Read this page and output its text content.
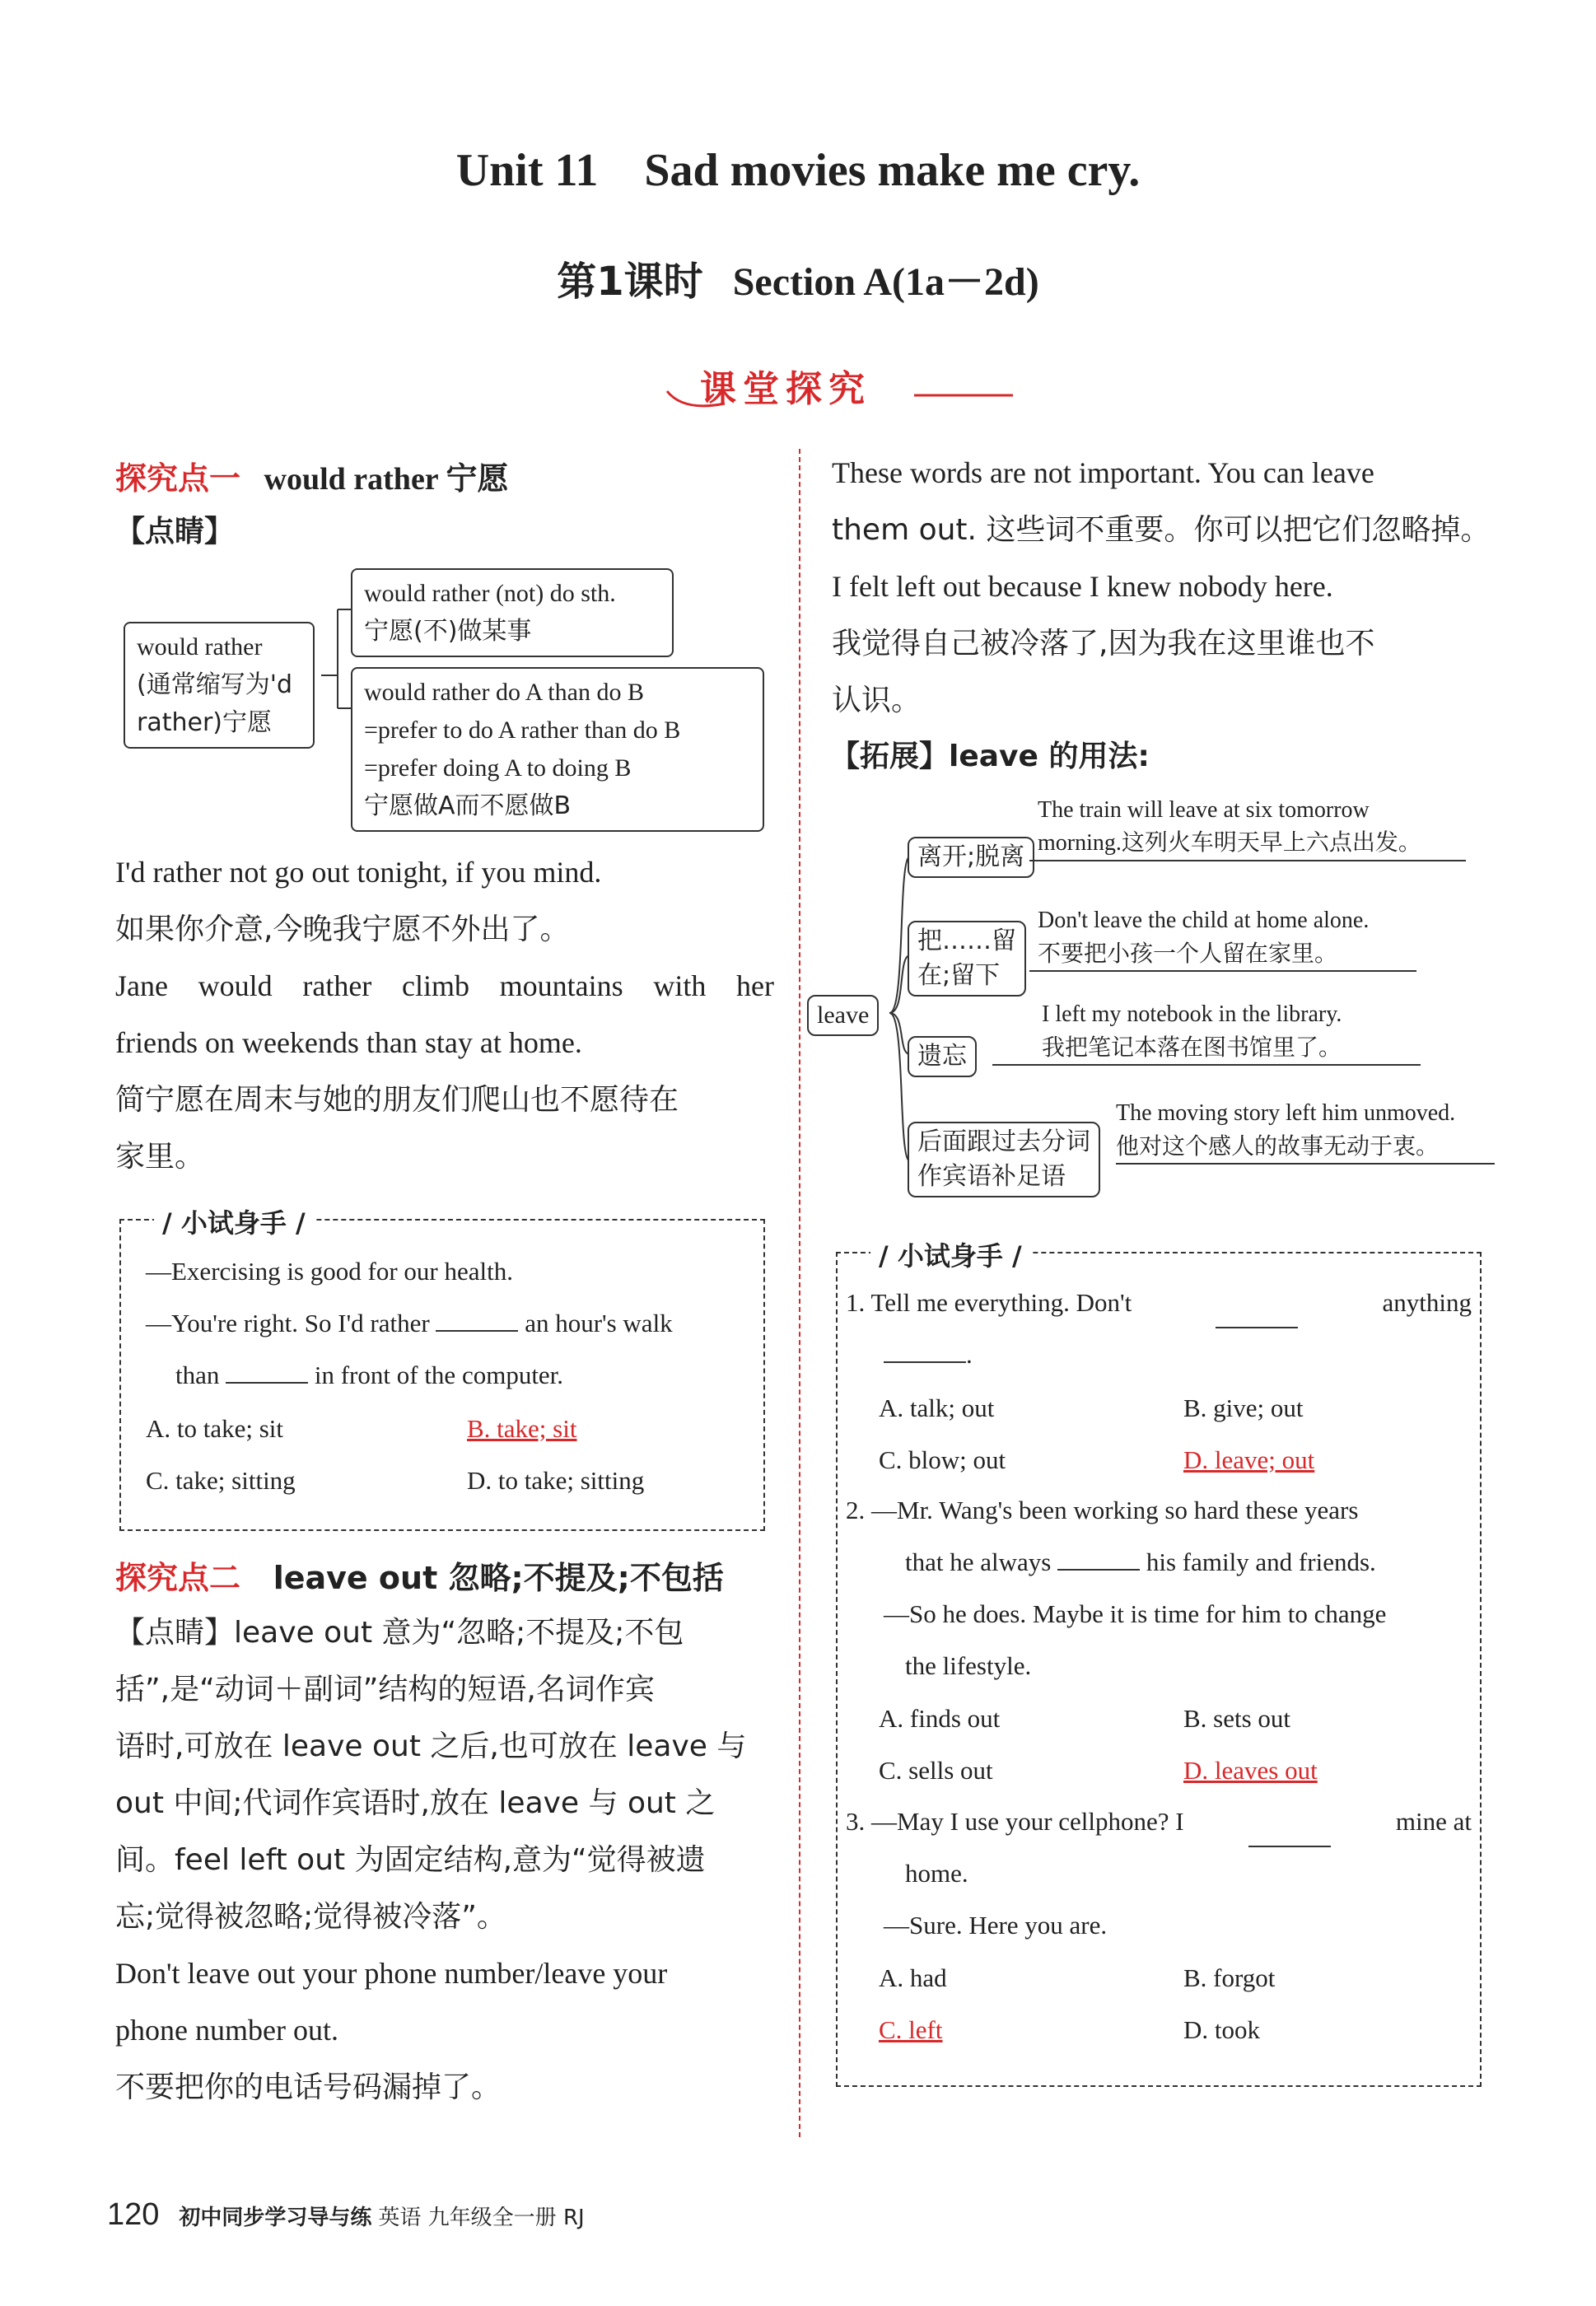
Unit 11 Sad movies make me cry.
第1课时 Section A(1a－2d)
课堂探究
探究点一 would rather 宁愿
【点睛】
would rather
(通常缩写为'd
rather)宁愿
would rather (not) do sth.
宁愿(不)做某事
would rather do A than do B
=prefer to do A rather than do B
=prefer doing A to doing B
宁愿做A而不愿做B
I'd rather not go out tonight, if you mind.
如果你介意,今晚我宁愿不外出了。
Jane would rather climb mountains with her
friends on weekends than stay at home.
简宁愿在周末与她的朋友们爬山也不愿待在
家里。
/ 小试身手 /
—Exercising is good for our health.
—You're right. So I'd rather	an hour's walk
than	in front of the computer.
A. to take; sit	B. take; sit
C. take; sitting	D. to take; sitting
探究点二 leave out 忽略;不提及;不包括
【点睛】leave out 意为“忽略;不提及;不包
括”,是“动词＋副词”结构的短语,名词作宾
语时,可放在 leave out 之后,也可放在 leave 与
out 中间;代词作宾语时,放在 leave 与 out 之
间。feel left out 为固定结构,意为“觉得被遗
忘;觉得被忽略;觉得被冷落”。
Don't leave out your phone number/leave your
phone number out.
不要把你的电话号码漏掉了。
These words are not important. You can leave
them out. 这些词不重要。你可以把它们忽略掉。
I felt left out because I knew nobody here.
我觉得自己被冷落了,因为我在这里谁也不
认识。
【拓展】leave 的用法:
leave
离开;脱离
The train will leave at six tomorrow
morning.这列火车明天早上六点出发。
把……留
在;留下
Don't leave the child at home alone.
不要把小孩一个人留在家里。
遗忘
I left my notebook in the library.
我把笔记本落在图书馆里了。
后面跟过去分词
作宾语补足语
The moving story left him unmoved.
他对这个感人的故事无动于衷。
/ 小试身手 /
1. Tell me everything. Don't	anything
.
A. talk; out	B. give; out
C. blow; out	D. leave; out
2. —Mr. Wang's been working so hard these years
that he always	his family and friends.
—So he does. Maybe it is time for him to change
the lifestyle.
A. finds out	B. sets out
C. sells out	D. leaves out
3. —May I use your cellphone? I	mine at
home.
—Sure. Here you are.
A. had	B. forgot
C. left	D. took
120 初中同步学习导与练 英语 九年级全一册 RJ
